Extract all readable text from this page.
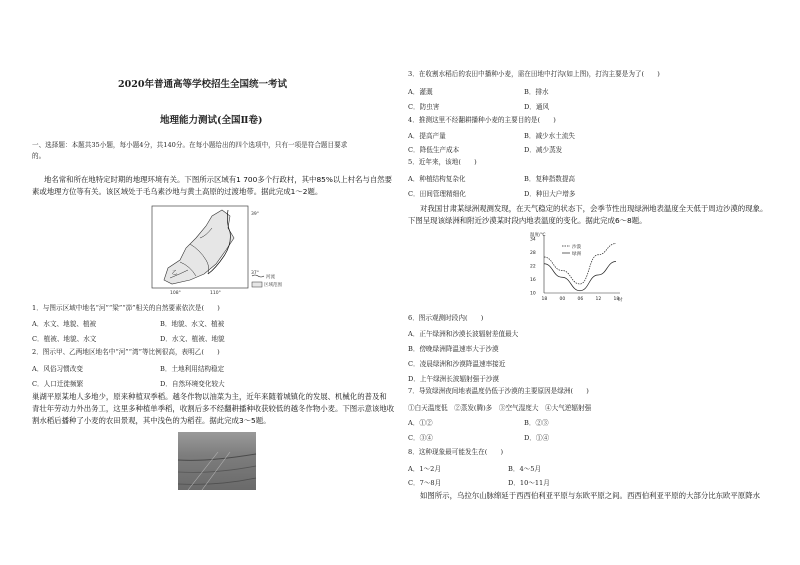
2020年普通高等学校招生全国统一考试
地理能力测试(全国Ⅱ卷)
一、选择题：本题共35小题，每小题4分，共140分。在每小题给出的四个选项中，只有一项是符合题目要求
的。
地名常和所在地特定时期的地理环境有关。下图所示区域有1 700多个行政村，其中85%以上村名与自然要
素或地理方位等有关。该区域处于毛乌素沙地与黄土高原的过渡地带。据此完成1～2题。
39°
37°
108°	110°
乙
河流
区域范围
1．与图示区域中地名“河”“梁”“峁”相关的自然要素依次是(　　)
A．水文、地貌、植被	B．地貌、水文、植被
C．植被、地貌、水文	D．水文、植被、地貌
2．图示甲、乙两地区地名中“河”“湾”等比例很高，表明乙(　　)
A．风俗习惯改变	B．土地利用结构稳定
C．人口迁徙频繁	D．自然环境变化较大
巢湖平原某地人多地少，原来种植双季稻。越冬作物以油菜为主，近年来随着城镇化的发展、机械化的普及和
青壮年劳动力外出务工，这里多种植单季稻，收割后多不经翻耕播种收获较低的越冬作物小麦。下图示意该地收
割水稻后播种了小麦的农田景观，其中浅色的为稻茬。据此完成3～5题。
3．在收割水稻后的农田中播种小麦，需在田地中打沟(如上图)，打沟主要是为了(　　)
A．灌溉	B．排水
C．防虫害	D．通风
4．推测这里不经翻耕播种小麦的主要目的是(　　)
A．提高产量	B．减少水土流失
C．降低生产成本	D．减少蒸发
5．近年来，该地(　　)
A．种植结构复杂化	B．复种指数提高
C．田间管理精细化	D．种田大户增多
对我国甘肃某绿洲观测发现，在天气稳定的状态下，会季节性出现绿洲地表温度全天低于周边沙漠的现象。
下图呈现该绿洲和附近沙漠某时段内地表温度的变化。据此完成6～8题。
温度/℃
时
10
16
22
28
34
18	00	06	12	18
沙漠
绿洲
6．图示观测时段内(　　)
A．正午绿洲和沙漠长波辐射差值最大
B．傍晚绿洲降温速率大于沙漠
C．凌晨绿洲和沙漠降温速率接近
D．上午绿洲长波辐射强于沙漠
7．导致绿洲夜间地表温度仍低于沙漠的主要原因是绿洲(　　)
①白天温度低　②蒸发(腾)多　③空气湿度大　④大气逆辐射强
A．①②	B．②③
C．③④	D．①④
8．这种现象最可能发生在(　　)
A．1～2月	B．4～5月
C．7～8月	D．10～11月
如图所示，乌拉尔山脉绵延于西西伯利亚平原与东欧平原之间。西西伯利亚平原的大部分比东欧平原降水
